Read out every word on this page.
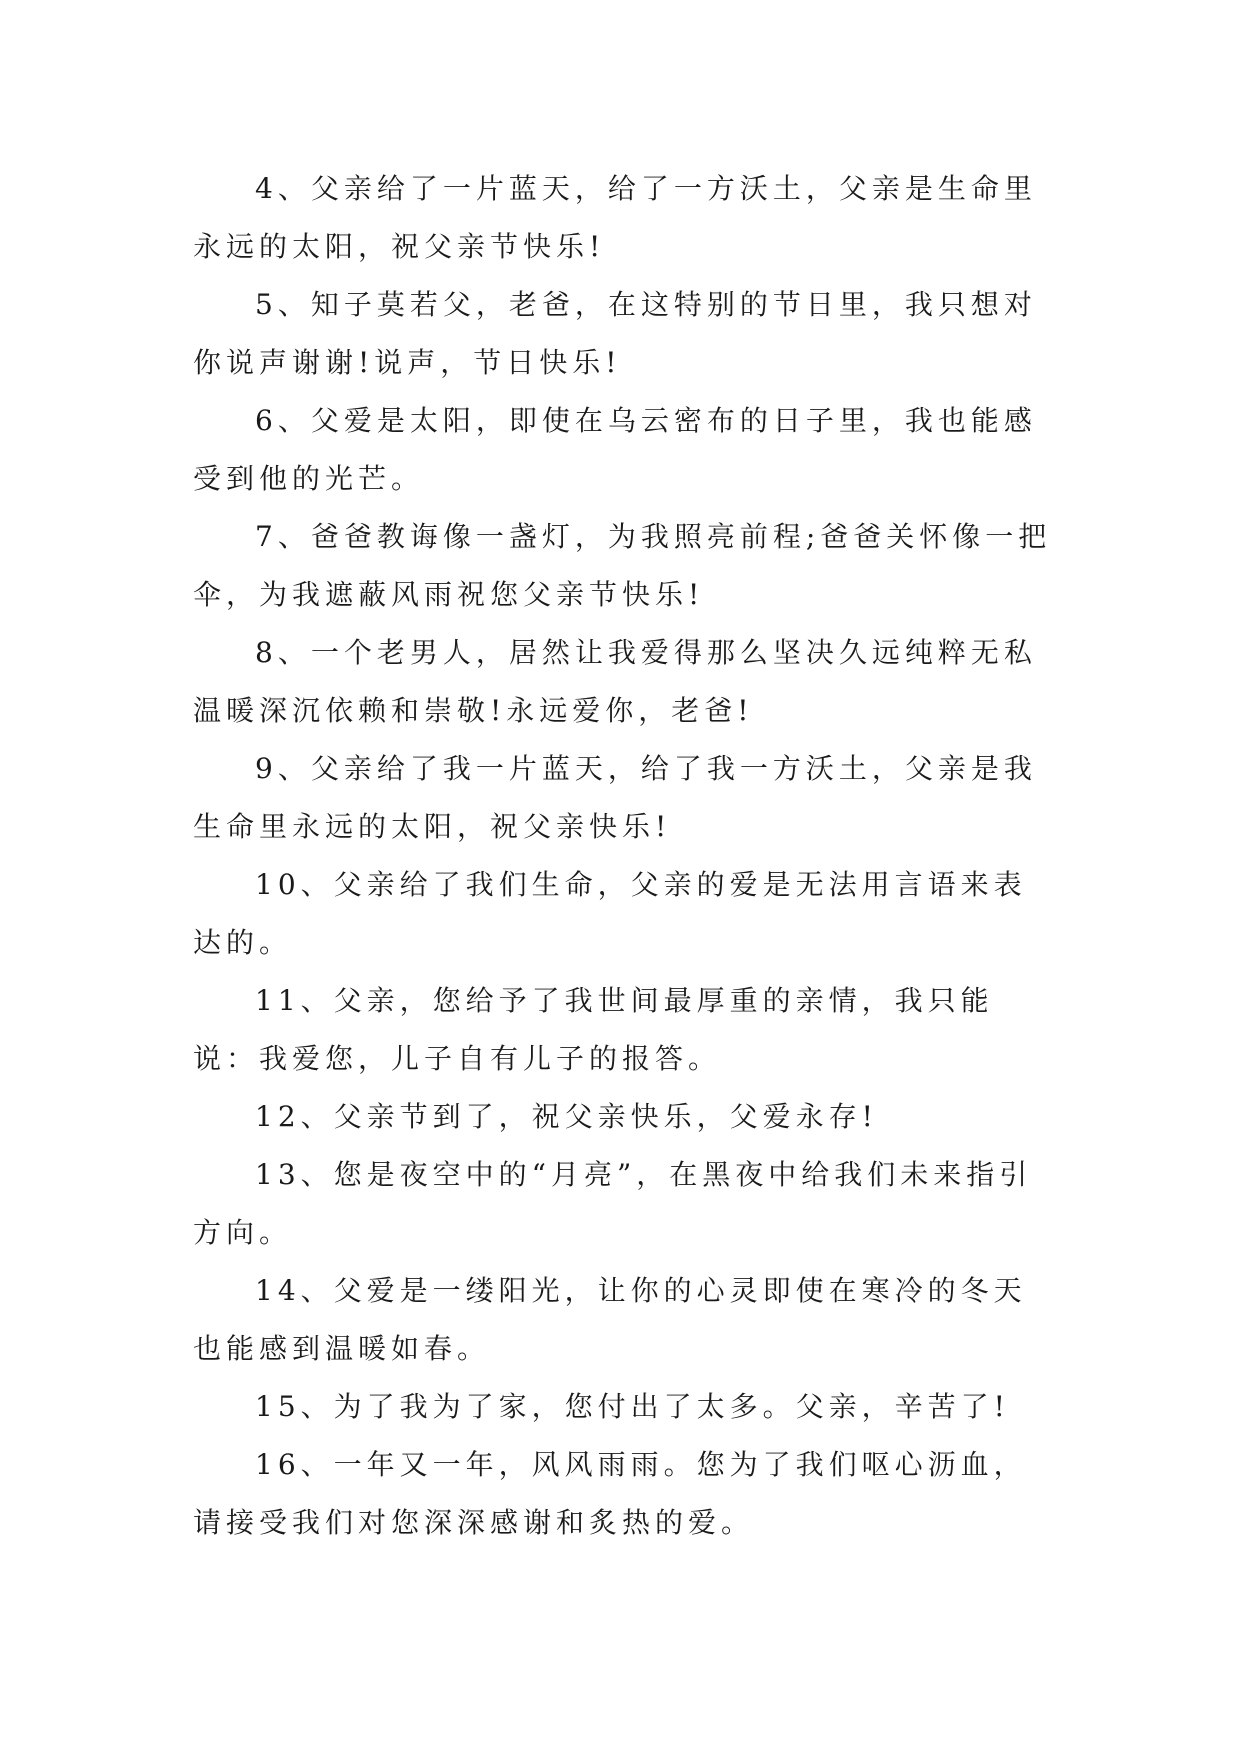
4、父亲给了一片蓝天，给了一方沃土，父亲是生命里永远的太阳，祝父亲节快乐!

5、知子莫若父，老爸，在这特别的节日里，我只想对你说声谢谢!说声，节日快乐!

6、父爱是太阳，即使在乌云密布的日子里，我也能感受到他的光芒。

7、爸爸教诲像一盏灯，为我照亮前程;爸爸关怀像一把伞，为我遮蔽风雨祝您父亲节快乐!

8、一个老男人，居然让我爱得那么坚决久远纯粹无私温暖深沉依赖和崇敬!永远爱你，老爸!

9、父亲给了我一片蓝天，给了我一方沃土，父亲是我生命里永远的太阳，祝父亲快乐!

10、父亲给了我们生命，父亲的爱是无法用言语来表达的。

11、父亲，您给予了我世间最厚重的亲情，我只能说：我爱您，儿子自有儿子的报答。

12、父亲节到了，祝父亲快乐，父爱永存!

13、您是夜空中的“月亮”，在黑夜中给我们未来指引方向。

14、父爱是一缕阳光，让你的心灵即使在寒冷的冬天也能感到温暖如春。

15、为了我为了家，您付出了太多。父亲，辛苦了!

16、一年又一年，风风雨雨。您为了我们呕心沥血，请接受我们对您深深感谢和炙热的爱。
